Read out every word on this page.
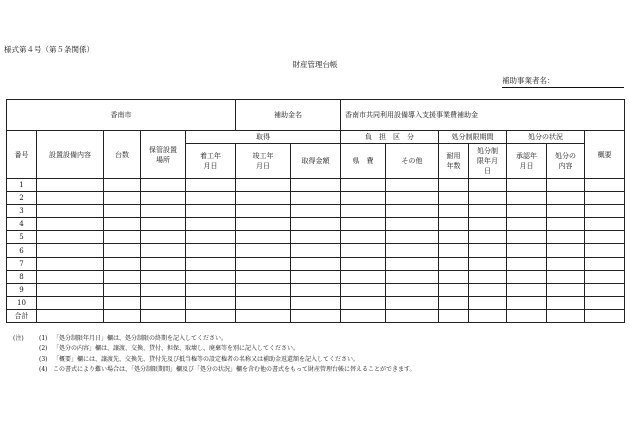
様式第４号（第５条関係）
財産管理台帳
補助事業者名：
香南市					補助金名		香南市共同利用設備導入支援事業費補助金						
番号	設置設備内容	台数	保管設置場所	取得			負　担　区　分		処分制限期間		処分の状況		概要
				着工年月日	竣工年月日	取得金額	県　費	その他	耐用年数	処分制限年月日	承認年月日	処分の内容	
1													
2													
3													
4													
5													
6													
7													
8													
9													
10													
合計													
(注)	(1) 「処分制限年月日」欄は、処分制限の終期を記入してください。
(2) 「処分の内容」欄は、譲渡、交換、貸付、担保、取壊し、廃棄等を別に記入してください。
(3) 「概要」欄には、譲渡先、交換先、貸付先及び抵当権等の設定権者の名称又は補助金返還額を記入してください。
(4) この書式により難い場合は、「処分制限期間」欄及び「処分の状況」欄を含む他の書式をもって財産管理台帳に替えることができます。
